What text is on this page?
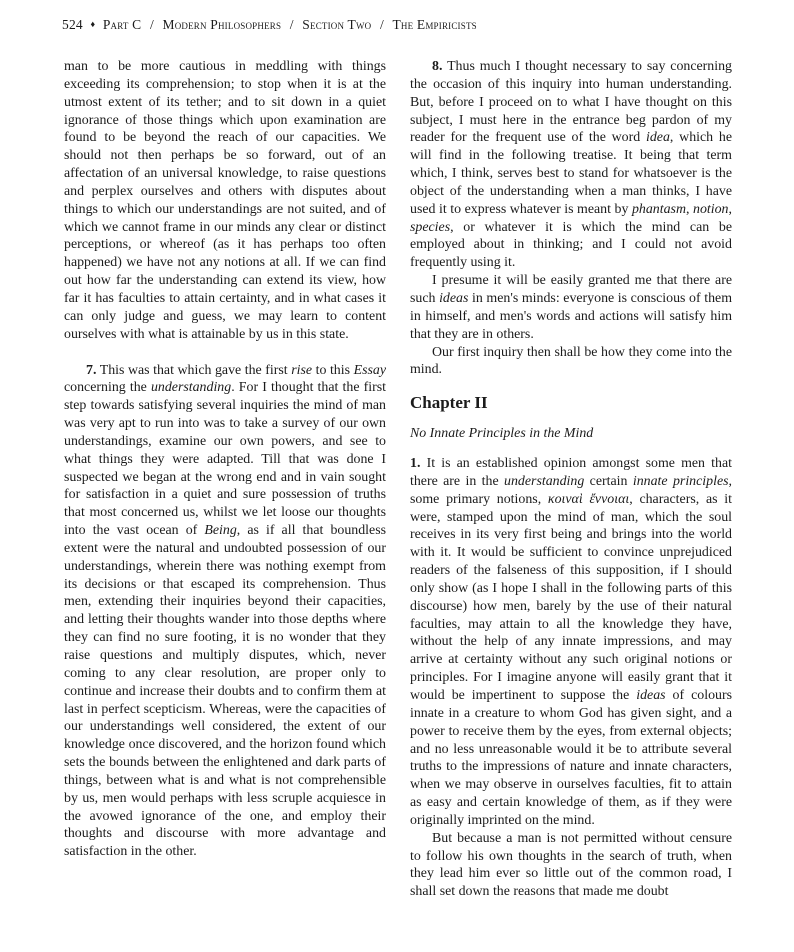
524 ♦ Part C / Modern Philosophers / Section Two / The Empiricists

man to be more cautious in meddling with things exceeding its comprehension; to stop when it is at the utmost extent of its tether; and to sit down in a quiet ignorance of those things which upon examination are found to be beyond the reach of our capacities. We should not then perhaps be so forward, out of an affectation of an universal knowledge, to raise questions and perplex ourselves and others with disputes about things to which our understandings are not suited, and of which we cannot frame in our minds any clear or distinct perceptions, or whereof (as it has perhaps too often happened) we have not any notions at all. If we can find out how far the understanding can extend its view, how far it has faculties to attain certainty, and in what cases it can only judge and guess, we may learn to content ourselves with what is attainable by us in this state.

7. This was that which gave the first rise to this Essay concerning the understanding. For I thought that the first step towards satisfying several inquiries the mind of man was very apt to run into was to take a survey of our own understandings, examine our own powers, and see to what things they were adapted. Till that was done I suspected we began at the wrong end and in vain sought for satisfaction in a quiet and sure possession of truths that most concerned us, whilst we let loose our thoughts into the vast ocean of Being, as if all that boundless extent were the natural and undoubted possession of our understandings, wherein there was nothing exempt from its decisions or that escaped its comprehension. Thus men, extending their inquiries beyond their capacities, and letting their thoughts wander into those depths where they can find no sure footing, it is no wonder that they raise questions and multiply disputes, which, never coming to any clear resolution, are proper only to continue and increase their doubts and to confirm them at last in perfect scepticism. Whereas, were the capacities of our understandings well considered, the extent of our knowledge once discovered, and the horizon found which sets the bounds between the enlightened and dark parts of things, between what is and what is not comprehensible by us, men would perhaps with less scruple acquiesce in the avowed ignorance of the one, and employ their thoughts and discourse with more advantage and satisfaction in the other.

8. Thus much I thought necessary to say concerning the occasion of this inquiry into human understanding. But, before I proceed on to what I have thought on this subject, I must here in the entrance beg pardon of my reader for the frequent use of the word idea, which he will find in the following treatise. It being that term which, I think, serves best to stand for whatsoever is the object of the understanding when a man thinks, I have used it to express whatever is meant by phantasm, notion, species, or whatever it is which the mind can be employed about in thinking; and I could not avoid frequently using it.

I presume it will be easily granted me that there are such ideas in men's minds: everyone is conscious of them in himself, and men's words and actions will satisfy him that they are in others.

Our first inquiry then shall be how they come into the mind.

Chapter II

No Innate Principles in the Mind

1. It is an established opinion amongst some men that there are in the understanding certain innate principles, some primary notions, κοιναὶ ἔννοιαι, characters, as it were, stamped upon the mind of man, which the soul receives in its very first being and brings into the world with it. It would be sufficient to convince unprejudiced readers of the falseness of this supposition, if I should only show (as I hope I shall in the following parts of this discourse) how men, barely by the use of their natural faculties, may attain to all the knowledge they have, without the help of any innate impressions, and may arrive at certainty without any such original notions or principles. For I imagine anyone will easily grant that it would be impertinent to suppose the ideas of colours innate in a creature to whom God has given sight, and a power to receive them by the eyes, from external objects; and no less unreasonable would it be to attribute several truths to the impressions of nature and innate characters, when we may observe in ourselves faculties, fit to attain as easy and certain knowledge of them, as if they were originally imprinted on the mind.

But because a man is not permitted without censure to follow his own thoughts in the search of truth, when they lead him ever so little out of the common road, I shall set down the reasons that made me doubt
